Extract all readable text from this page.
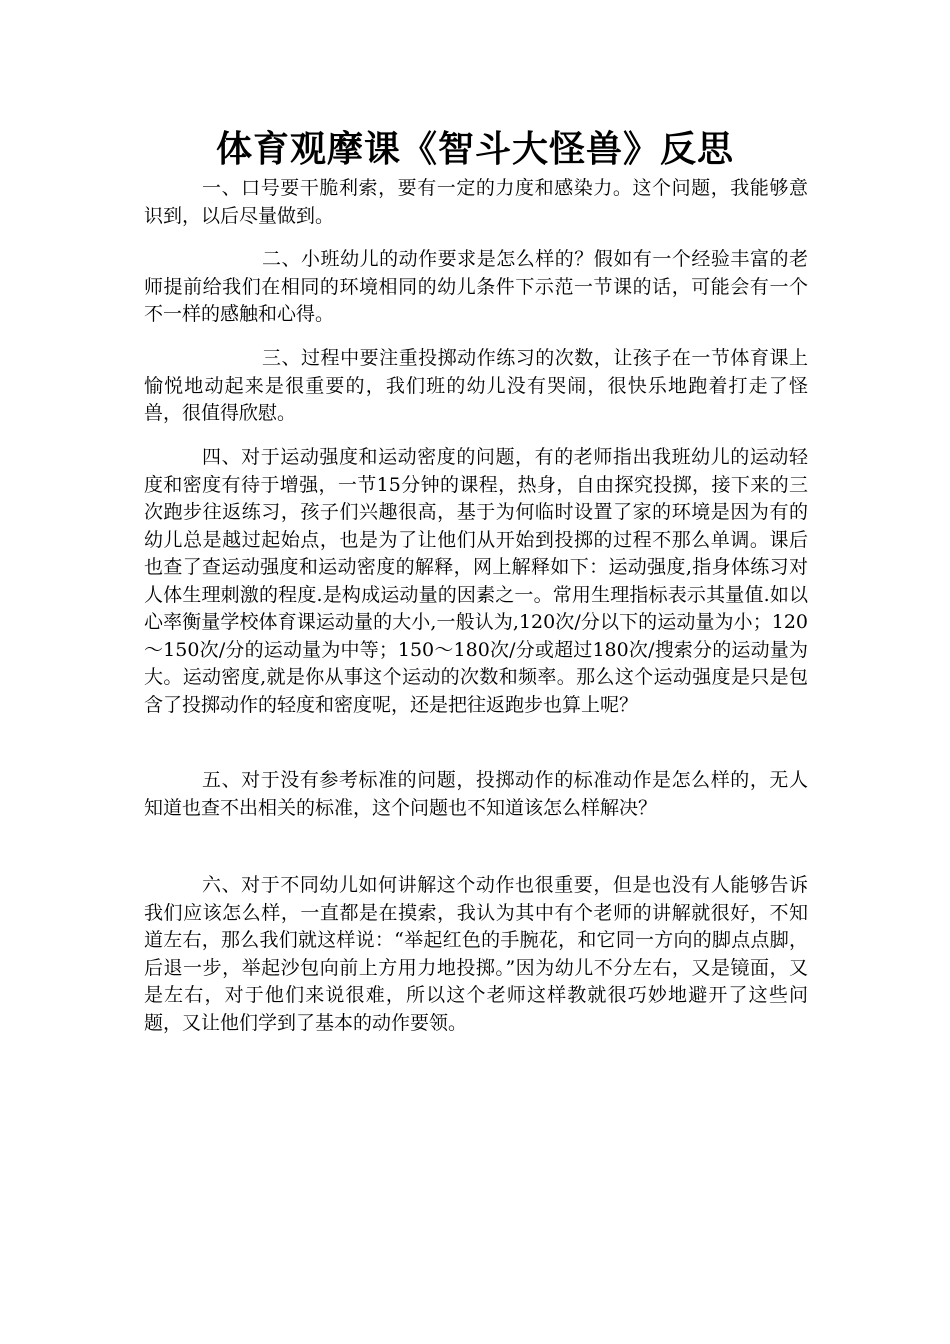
体育观摩课《智斗大怪兽》反思

一、口号要干脆利索，要有一定的力度和感染力。这个问题，我能够意识到，以后尽量做到。

二、小班幼儿的动作要求是怎么样的？假如有一个经验丰富的老师提前给我们在相同的环境相同的幼儿条件下示范一节课的话，可能会有一个不一样的感触和心得。

三、过程中要注重投掷动作练习的次数，让孩子在一节体育课上愉悦地动起来是很重要的，我们班的幼儿没有哭闹，很快乐地跑着打走了怪兽，很值得欣慰。

四、对于运动强度和运动密度的问题，有的老师指出我班幼儿的运动轻度和密度有待于增强，一节15分钟的课程，热身，自由探究投掷，接下来的三次跑步往返练习，孩子们兴趣很高，基于为何临时设置了家的环境是因为有的幼儿总是越过起始点，也是为了让他们从开始到投掷的过程不那么单调。课后也查了查运动强度和运动密度的解释，网上解释如下：运动强度,指身体练习对人体生理刺激的程度.是构成运动量的因素之一。常用生理指标表示其量值.如以心率衡量学校体育课运动量的大小,一般认为,120次/分以下的运动量为小；120～150次/分的运动量为中等；150～180次/分或超过180次/搜索分的运动量为大。运动密度,就是你从事这个运动的次数和频率。那么这个运动强度是只是包含了投掷动作的轻度和密度呢，还是把往返跑步也算上呢？

五、对于没有参考标准的问题，投掷动作的标准动作是怎么样的，无人知道也查不出相关的标准，这个问题也不知道该怎么样解决？

六、对于不同幼儿如何讲解这个动作也很重要，但是也没有人能够告诉我们应该怎么样，一直都是在摸索，我认为其中有个老师的讲解就很好，不知道左右，那么我们就这样说：“举起红色的手腕花，和它同一方向的脚点点脚，后退一步，举起沙包向前上方用力地投掷。”因为幼儿不分左右，又是镜面，又是左右，对于他们来说很难，所以这个老师这样教就很巧妙地避开了这些问题，又让他们学到了基本的动作要领。
